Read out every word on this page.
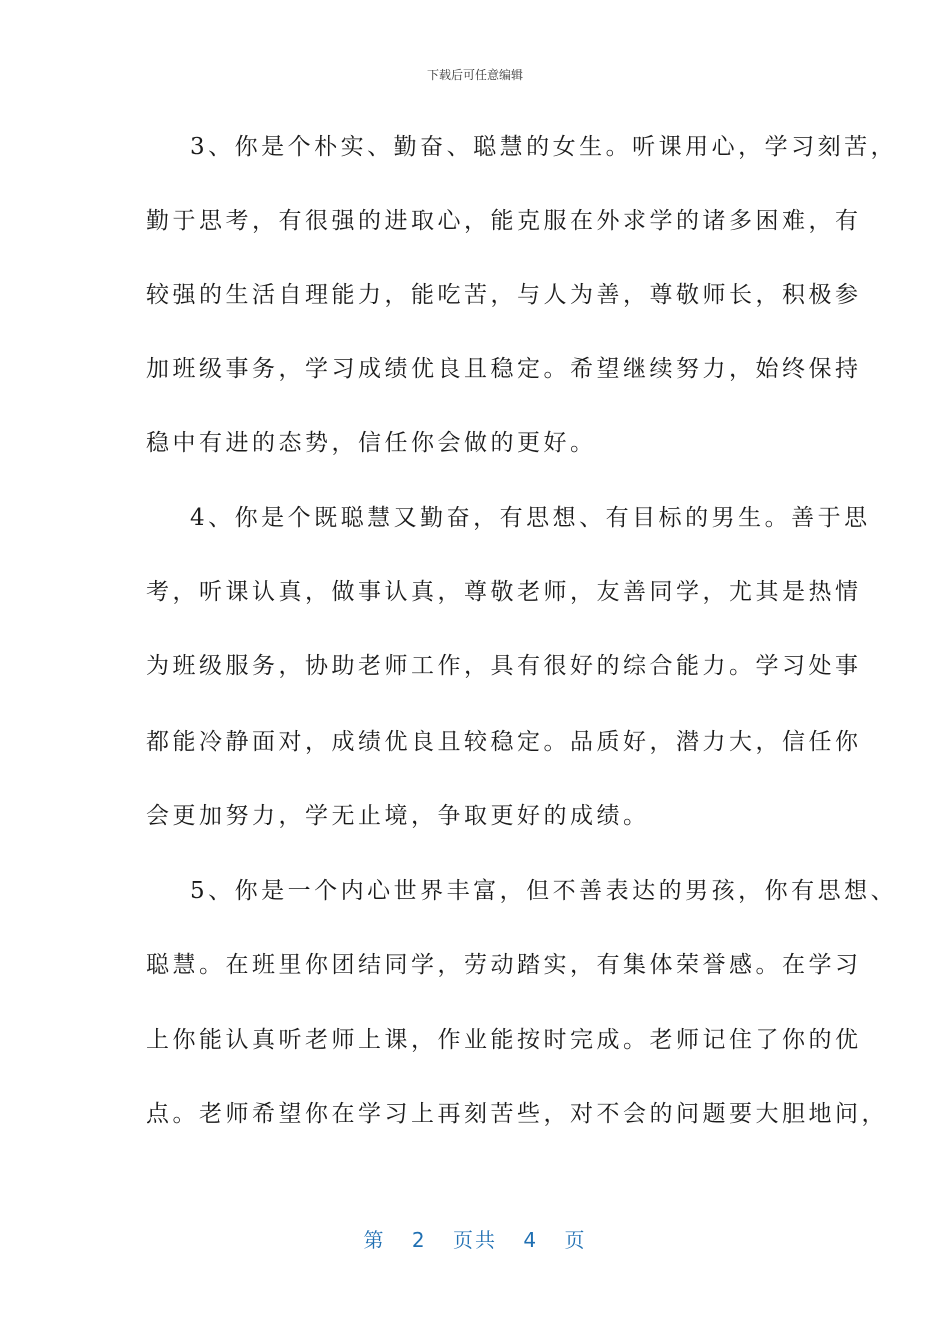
下载后可任意编辑
3、你是个朴实、勤奋、聪慧的女生。听课用心，学习刻苦，
勤于思考，有很强的进取心，能克服在外求学的诸多困难，有
较强的生活自理能力，能吃苦，与人为善，尊敬师长，积极参
加班级事务，学习成绩优良且稳定。希望继续努力，始终保持
稳中有进的态势，信任你会做的更好。
4、你是个既聪慧又勤奋，有思想、有目标的男生。善于思
考，听课认真，做事认真，尊敬老师，友善同学，尤其是热情
为班级服务，协助老师工作，具有很好的综合能力。学习处事
都能冷静面对，成绩优良且较稳定。品质好，潜力大，信任你
会更加努力，学无止境，争取更好的成绩。
5、你是一个内心世界丰富，但不善表达的男孩，你有思想、
聪慧。在班里你团结同学，劳动踏实，有集体荣誉感。在学习
上你能认真听老师上课，作业能按时完成。老师记住了你的优
点。老师希望你在学习上再刻苦些，对不会的问题要大胆地问，
第 2 页共 4 页
